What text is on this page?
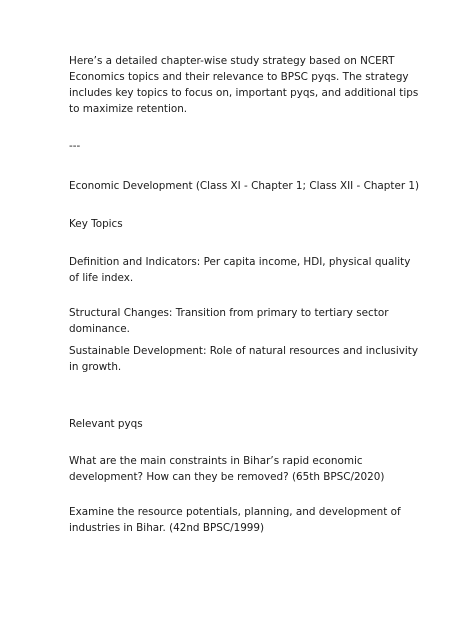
Here’s a detailed chapter-wise study strategy based on NCERT Economics topics and their relevance to BPSC pyqs. The strategy includes key topics to focus on, important pyqs, and additional tips to maximize retention.

---

Economic Development (Class XI - Chapter 1; Class XII - Chapter 1)

Key Topics

Definition and Indicators: Per capita income, HDI, physical quality of life index.

Structural Changes: Transition from primary to tertiary sector dominance.

Sustainable Development: Role of natural resources and inclusivity in growth.

Relevant pyqs

What are the main constraints in Bihar’s rapid economic development? How can they be removed? (65th BPSC/2020)

Examine the resource potentials, planning, and development of industries in Bihar. (42nd BPSC/1999)
